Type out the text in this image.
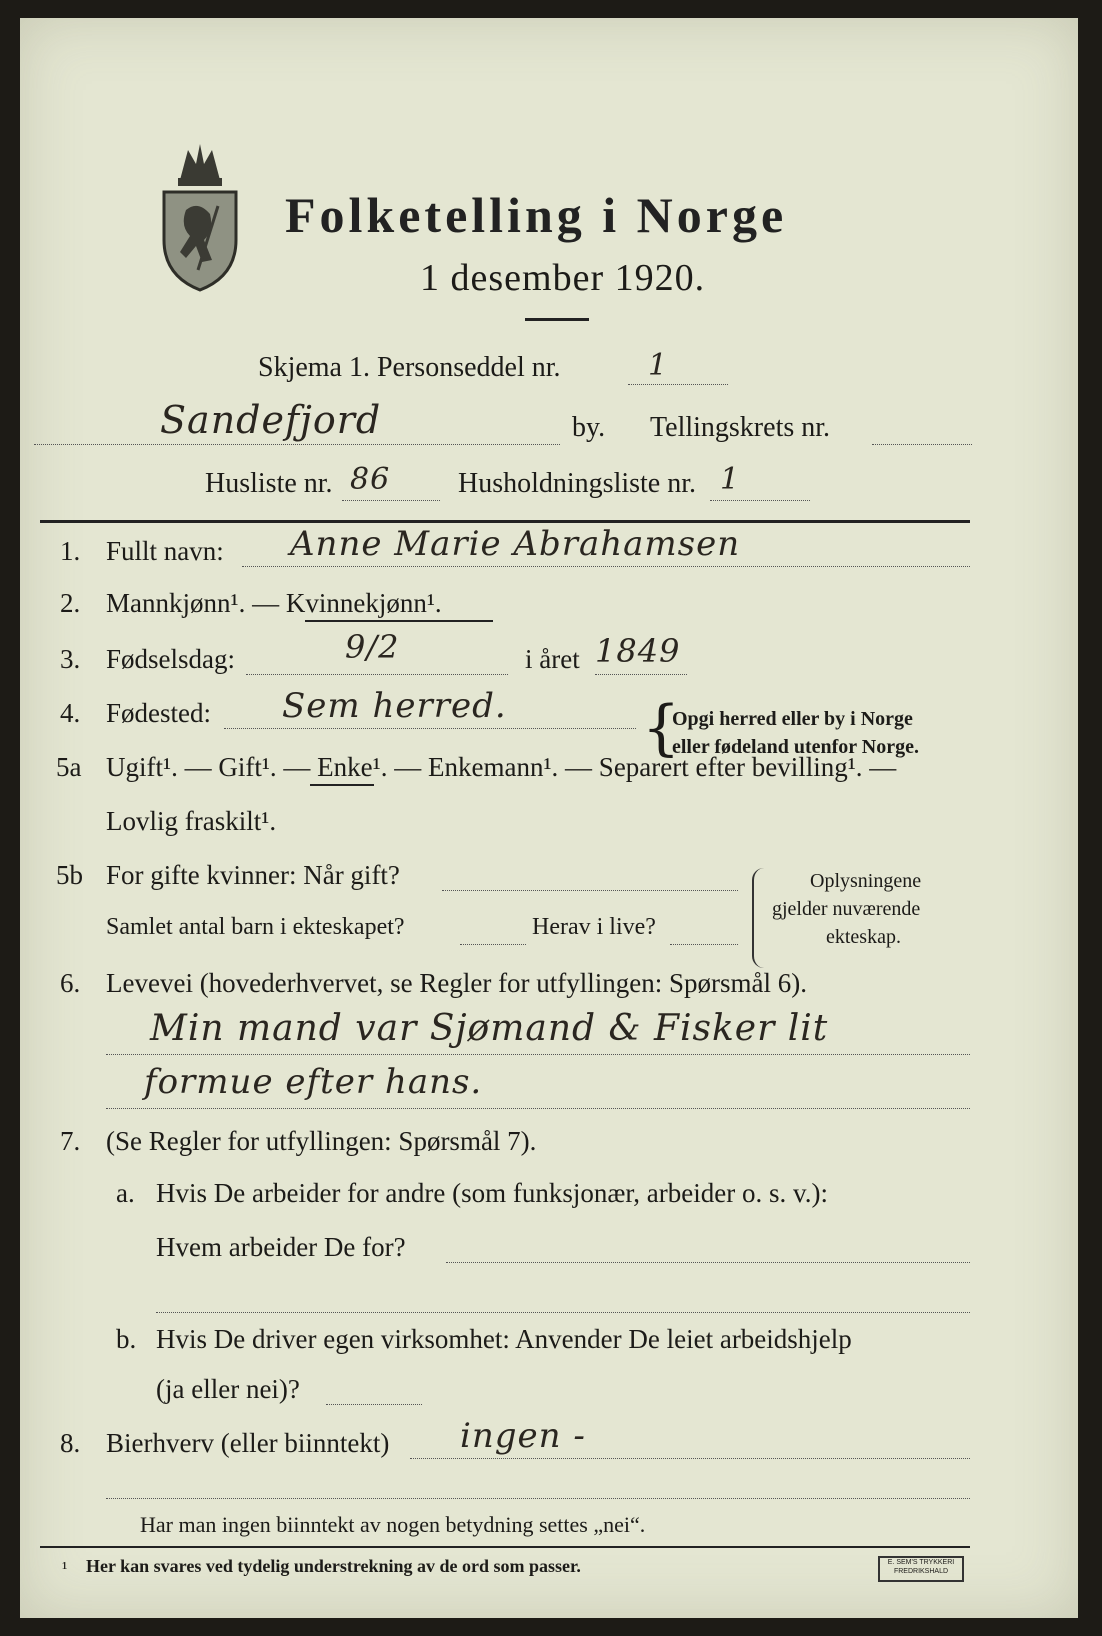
Folketelling i Norge
1 desember 1920.
Skjema 1. Personseddel nr.	1
Sandefjord	by. Tellingskrets nr.
Husliste nr. 86 Husholdningsliste nr. 1
1. Fullt navn: Anne Marie Abrahamsen
2. Mannkjønn¹. — Kvinnekjønn¹.
3. Fødselsdag:	9/2	i året 1849
4. Fødested: Sem herred. {
Opgi herred eller by i Norge
eller fødeland utenfor Norge.
5a Ugift¹. — Gift¹. — Enke¹. — Enkemann¹. — Separert efter bevilling¹. —
Lovlig fraskilt¹.
5b For gifte kvinner: Når gift?
Samlet antal barn i ekteskapet?	Herav i live?
Oplysningene
gjelder nuværende
ekteskap.
6. Levevei (hovederhvervet, se Regler for utfyllingen: Spørsmål 6).
Min mand var Sjømand & Fisker lit
formue efter hans.
7. (Se Regler for utfyllingen: Spørsmål 7).
a. Hvis De arbeider for andre (som funksjonær, arbeider o. s. v.):
Hvem arbeider De for?
b. Hvis De driver egen virksomhet: Anvender De leiet arbeidshjelp
(ja eller nei)?
8. Bierhverv (eller biinntekt) ingen -
Har man ingen biinntekt av nogen betydning settes „nei“.
¹ Her kan svares ved tydelig understrekning av de ord som passer.	E. SEM'S TRYKKERI FREDRIKSHALD
